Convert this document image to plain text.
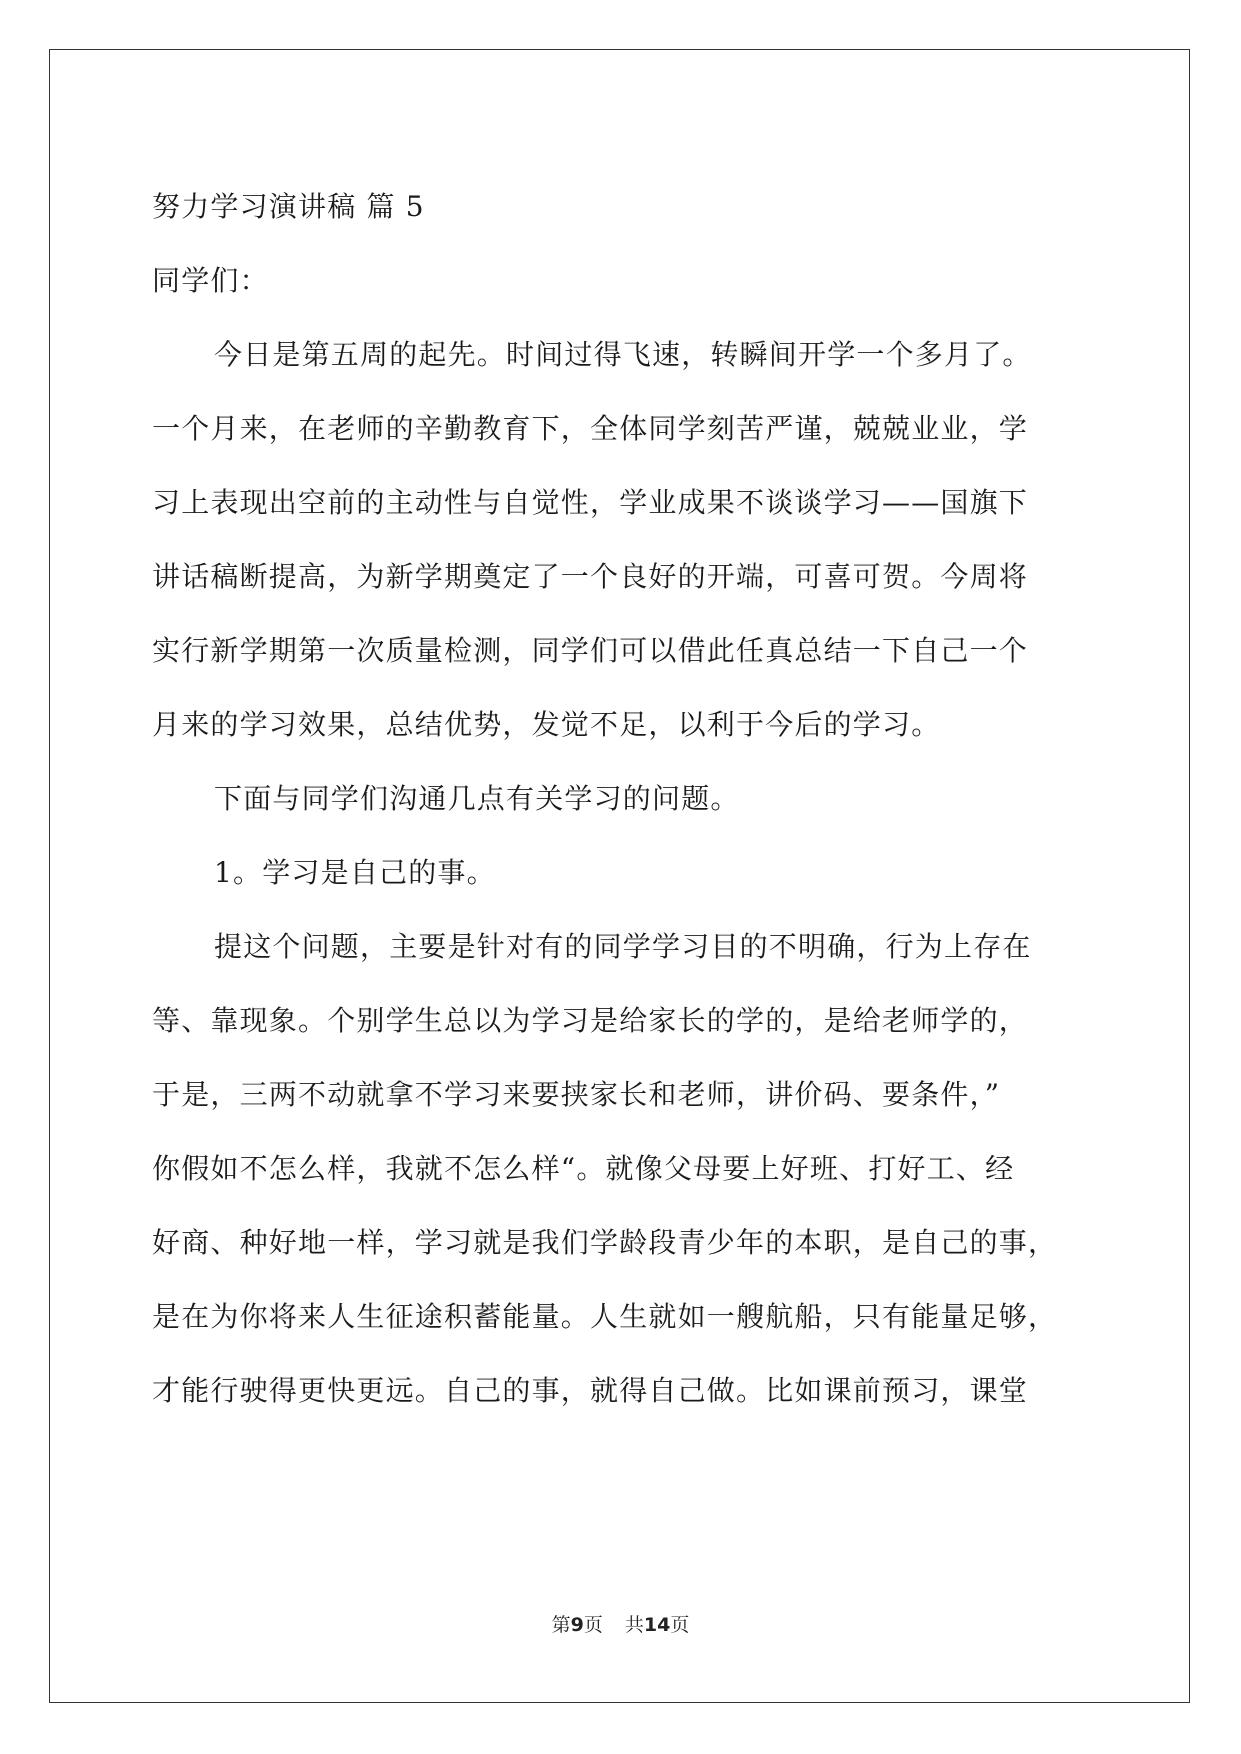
努力学习演讲稿 篇 5

同学们：

今日是第五周的起先。时间过得飞速，转瞬间开学一个多月了。

一个月来，在老师的辛勤教育下，全体同学刻苦严谨，兢兢业业，学

习上表现出空前的主动性与自觉性，学业成果不谈谈学习——国旗下

讲话稿断提高，为新学期奠定了一个良好的开端，可喜可贺。今周将

实行新学期第一次质量检测，同学们可以借此任真总结一下自己一个

月来的学习效果，总结优势，发觉不足，以利于今后的学习。

下面与同学们沟通几点有关学习的问题。

1。学习是自己的事。

提这个问题，主要是针对有的同学学习目的不明确，行为上存在

等、靠现象。个别学生总以为学习是给家长的学的，是给老师学的，

于是，三两不动就拿不学习来要挟家长和老师，讲价码、要条件，”

你假如不怎么样，我就不怎么样“。就像父母要上好班、打好工、经

好商、种好地一样，学习就是我们学龄段青少年的本职，是自己的事，

是在为你将来人生征途积蓄能量。人生就如一艘航船，只有能量足够，

才能行驶得更快更远。自己的事，就得自己做。比如课前预习，课堂

第9页 共14页
